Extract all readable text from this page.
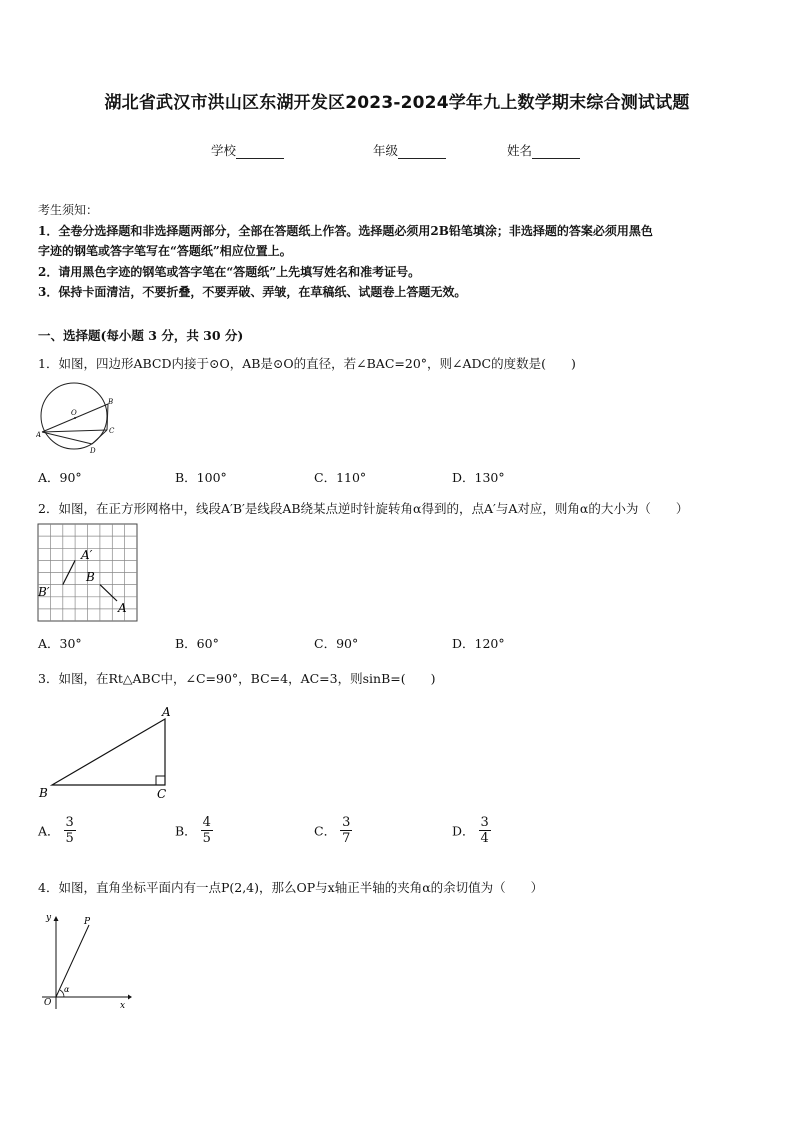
湖北省武汉市洪山区东湖开发区2023-2024学年九上数学期末综合测试试题
学校	年级	姓名
考生须知：
1．全卷分选择题和非选择题两部分，全部在答题纸上作答。选择题必须用2B铅笔填涂；非选择题的答案必须用黑色
字迹的钢笔或答字笔写在“答题纸”相应位置上。
2．请用黑色字迹的钢笔或答字笔在“答题纸”上先填写姓名和准考证号。
3．保持卡面清洁，不要折叠，不要弄破、弄皱，在草稿纸、试题卷上答题无效。
一、选择题(每小题 3 分，共 30 分)
1．如图，四边形ABCD内接于⊙O，AB是⊙O的直径，若∠BAC=20°，则∠ADC的度数是(　　)
A
B
C
D
O
A．90°	B．100°	C．110°	D．130°
2．如图，在正方形网格中，线段A′B′是线段AB绕某点逆时针旋转角α得到的，点A′与A对应，则角α的大小为（　　）
A′
B
B′
A
A．30°	B．60°	C．90°	D．120°
3．如图，在Rt△ABC中，∠C=90°，BC=4，AC=3，则sinB=(　　)
A
B	C
A． $\frac{3}{5}$	B． $\frac{4}{5}$	C． $\frac{3}{7}$	D． $\frac{3}{4}$
4．如图，直角坐标平面内有一点P(2,4)，那么OP与x轴正半轴的夹角α的余切值为（　　）
y	P
α
O	x
